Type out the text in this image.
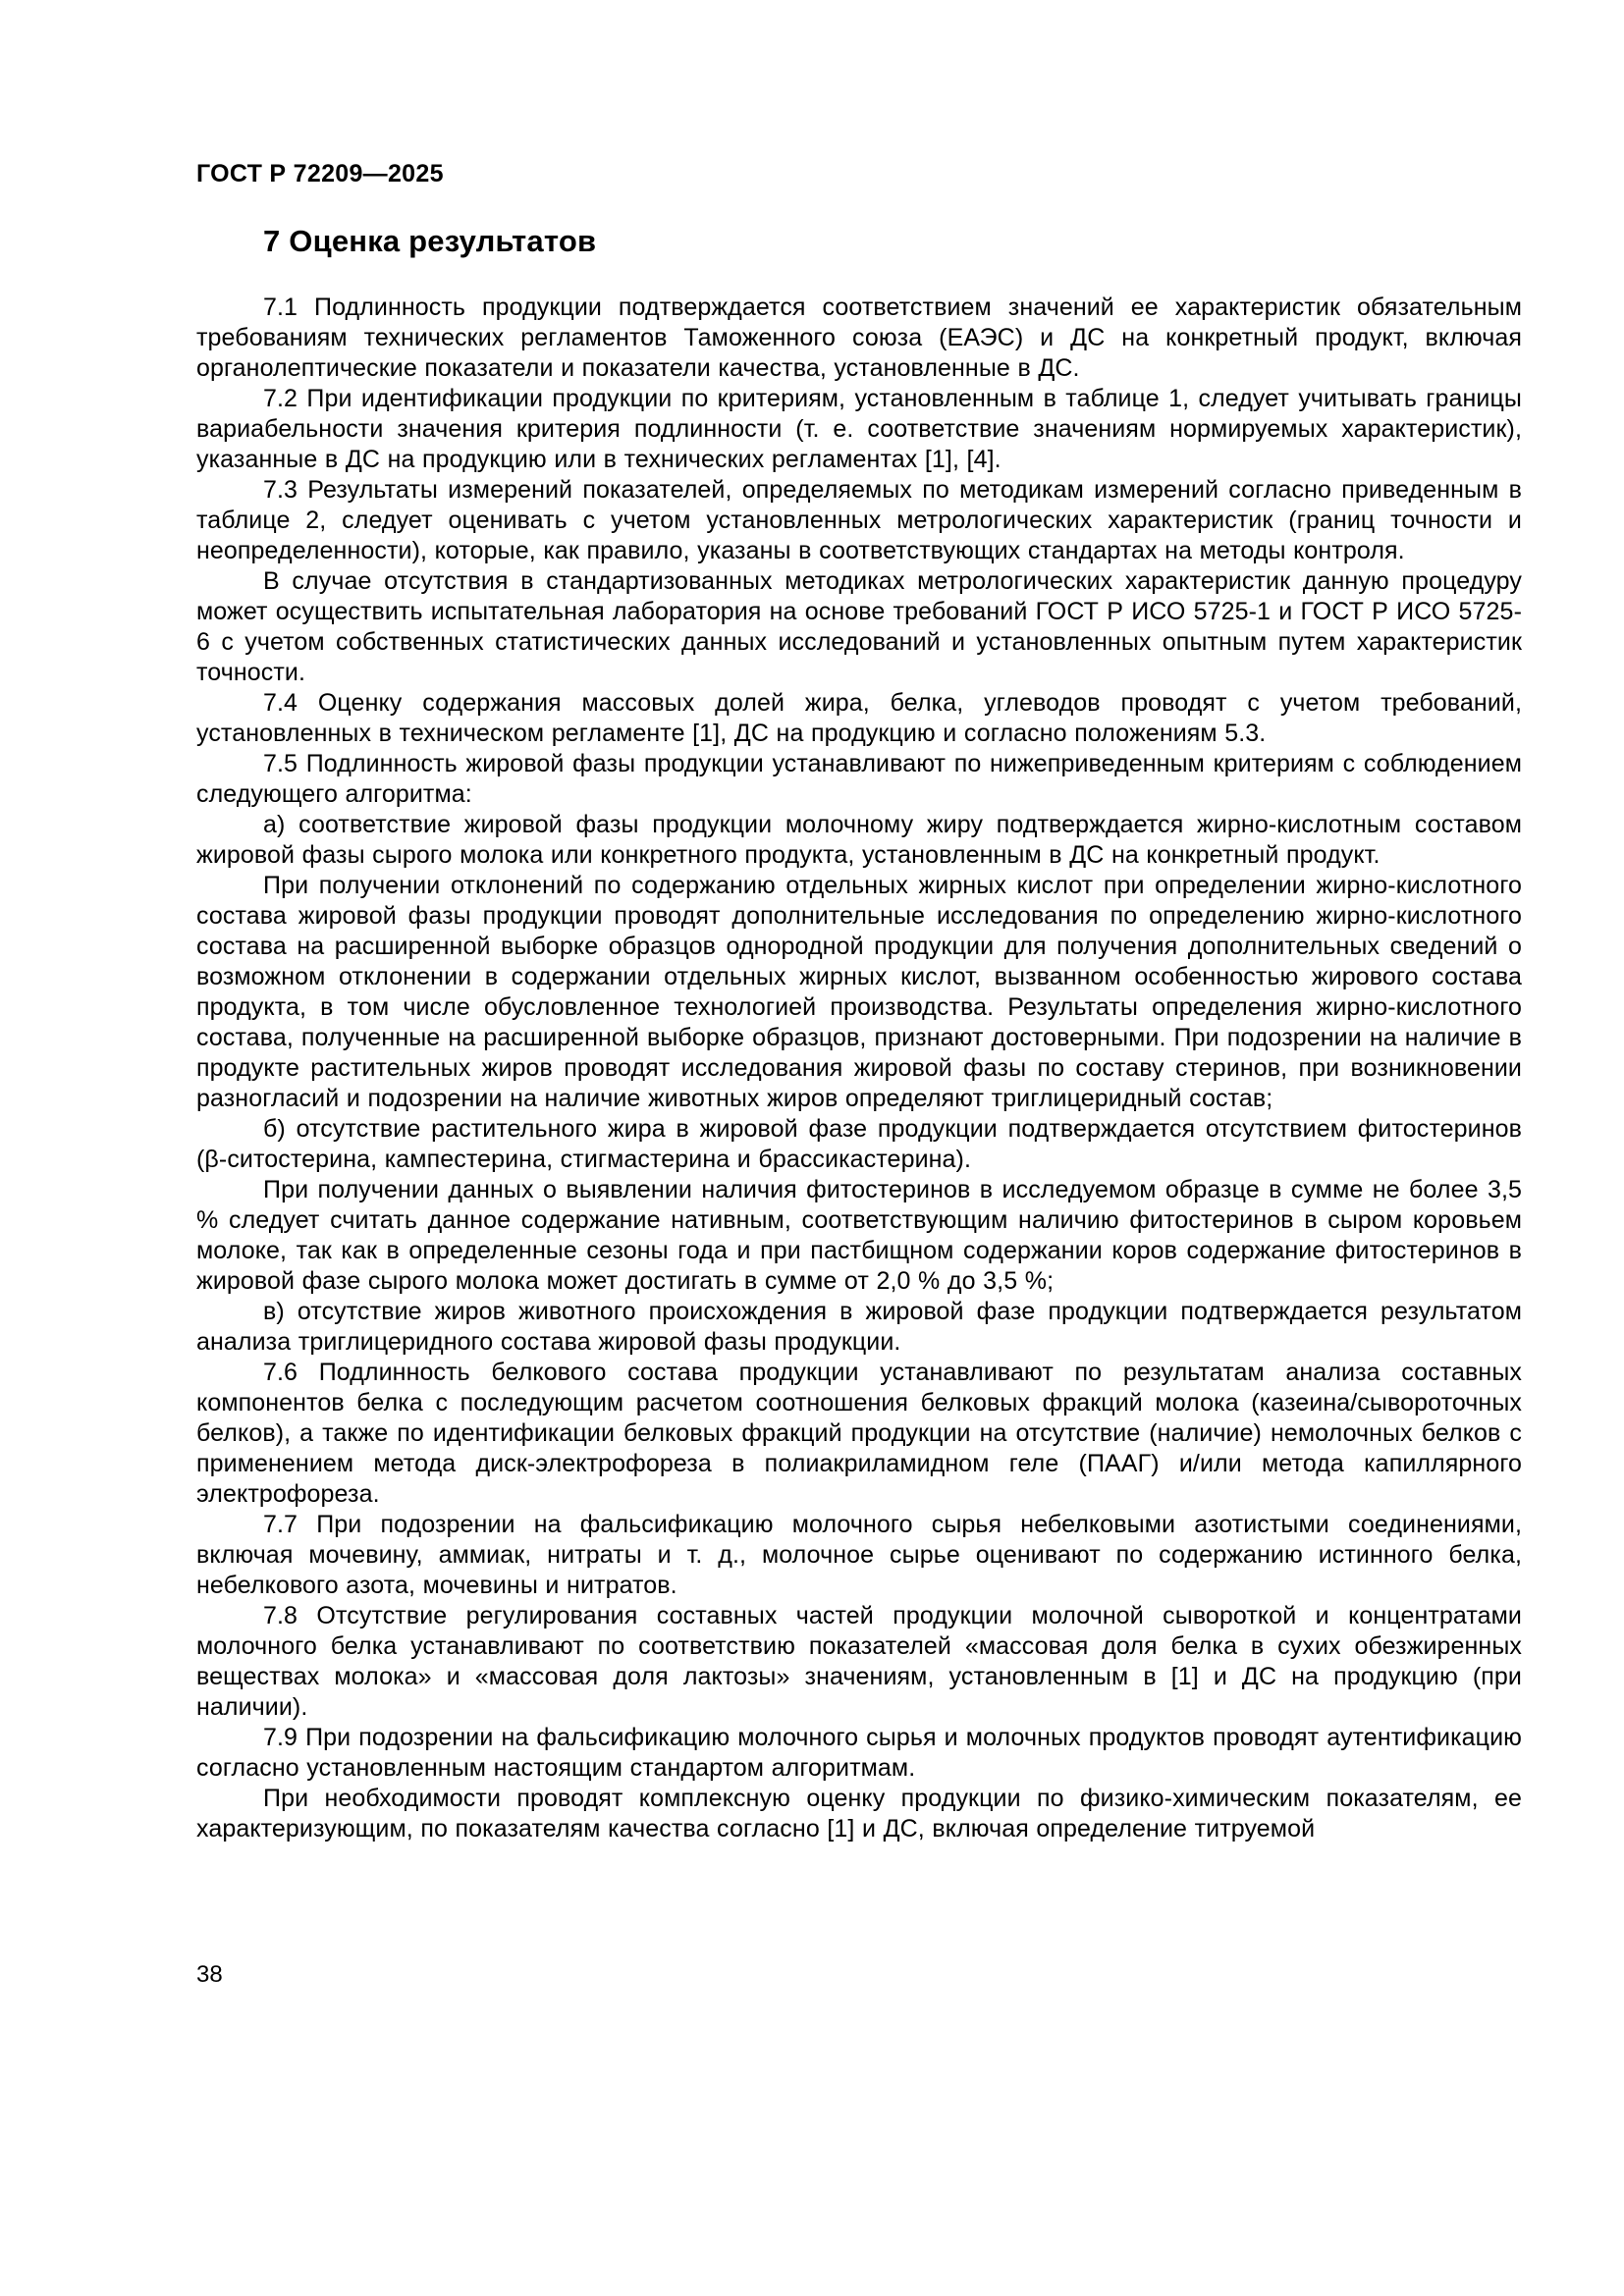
ГОСТ Р 72209—2025
7 Оценка результатов

7.1 Подлинность продукции подтверждается соответствием значений ее характеристик обязательным требованиям технических регламентов Таможенного союза (ЕАЭС) и ДС на конкретный продукт, включая органолептические показатели и показатели качества, установленные в ДС.

7.2 При идентификации продукции по критериям, установленным в таблице 1, следует учитывать границы вариабельности значения критерия подлинности (т. е. соответствие значениям нормируемых характеристик), указанные в ДС на продукцию или в технических регламентах [1], [4].

7.3 Результаты измерений показателей, определяемых по методикам измерений согласно приведенным в таблице 2, следует оценивать с учетом установленных метрологических характеристик (границ точности и неопределенности), которые, как правило, указаны в соответствующих стандартах на методы контроля.

В случае отсутствия в стандартизованных методиках метрологических характеристик данную процедуру может осуществить испытательная лаборатория на основе требований ГОСТ Р ИСО 5725-1 и ГОСТ Р ИСО 5725-6 с учетом собственных статистических данных исследований и установленных опытным путем характеристик точности.

7.4 Оценку содержания массовых долей жира, белка, углеводов проводят с учетом требований, установленных в техническом регламенте [1], ДС на продукцию и согласно положениям 5.3.

7.5 Подлинность жировой фазы продукции устанавливают по нижеприведенным критериям с соблюдением следующего алгоритма:

а) соответствие жировой фазы продукции молочному жиру подтверждается жирно-кислотным составом жировой фазы сырого молока или конкретного продукта, установленным в ДС на конкретный продукт.

При получении отклонений по содержанию отдельных жирных кислот при определении жирно-кислотного состава жировой фазы продукции проводят дополнительные исследования по определению жирно-кислотного состава на расширенной выборке образцов однородной продукции для получения дополнительных сведений о возможном отклонении в содержании отдельных жирных кислот, вызванном особенностью жирового состава продукта, в том числе обусловленное технологией производства. Результаты определения жирно-кислотного состава, полученные на расширенной выборке образцов, признают достоверными. При подозрении на наличие в продукте растительных жиров проводят исследования жировой фазы по составу стеринов, при возникновении разногласий и подозрении на наличие животных жиров определяют триглицеридный состав;

б) отсутствие растительного жира в жировой фазе продукции подтверждается отсутствием фитостеринов (β-ситостерина, кампестерина, стигмастерина и брассикастерина).

При получении данных о выявлении наличия фитостеринов в исследуемом образце в сумме не более 3,5 % следует считать данное содержание нативным, соответствующим наличию фитостеринов в сыром коровьем молоке, так как в определенные сезоны года и при пастбищном содержании коров содержание фитостеринов в жировой фазе сырого молока может достигать в сумме от 2,0 % до 3,5 %;

в) отсутствие жиров животного происхождения в жировой фазе продукции подтверждается результатом анализа триглицеридного состава жировой фазы продукции.

7.6 Подлинность белкового состава продукции устанавливают по результатам анализа составных компонентов белка с последующим расчетом соотношения белковых фракций молока (казеина/сывороточных белков), а также по идентификации белковых фракций продукции на отсутствие (наличие) немолочных белков с применением метода диск-электрофореза в полиакриламидном геле (ПААГ) и/или метода капиллярного электрофореза.

7.7 При подозрении на фальсификацию молочного сырья небелковыми азотистыми соединениями, включая мочевину, аммиак, нитраты и т. д., молочное сырье оценивают по содержанию истинного белка, небелкового азота, мочевины и нитратов.

7.8 Отсутствие регулирования составных частей продукции молочной сывороткой и концентратами молочного белка устанавливают по соответствию показателей «массовая доля белка в сухих обезжиренных веществах молока» и «массовая доля лактозы» значениям, установленным в [1] и ДС на продукцию (при наличии).

7.9 При подозрении на фальсификацию молочного сырья и молочных продуктов проводят аутентификацию согласно установленным настоящим стандартом алгоритмам.

При необходимости проводят комплексную оценку продукции по физико-химическим показателям, ее характеризующим, по показателям качества согласно [1] и ДС, включая определение титруемой

38
